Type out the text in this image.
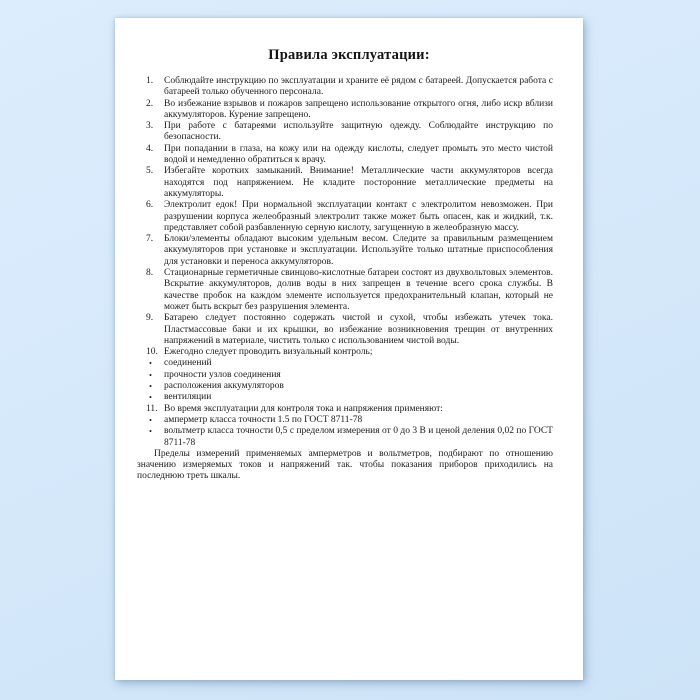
Правила эксплуатации:
1. Соблюдайте инструкцию по эксплуатации и храните её рядом с батареей. Допускается работа с батареей только обученного персонала.
2. Во избежание взрывов и пожаров запрещено использование открытого огня, либо искр вблизи аккумуляторов. Курение запрещено.
3. При работе с батареями используйте защитную одежду. Соблюдайте инструкцию по безопасности.
4. При попадании в глаза, на кожу или на одежду кислоты, следует промыть это место чистой водой и немедленно обратиться к врачу.
5. Избегайте коротких замыканий. Внимание! Металлические части аккумуляторов всегда находятся под напряжением. Не кладите посторонние металлические предметы на аккумуляторы.
6. Электролит едок! При нормальной эксплуатации контакт с электролитом невозможен. При разрушении корпуса желеобразный электролит также может быть опасен, как и жидкий, т.к. представляет собой разбавленную серную кислоту, загущенную в желеобразную массу.
7. Блоки/элементы обладают высоким удельным весом. Следите за правильным размещением аккумуляторов при установке и эксплуатации. Используйте только штатные приспособления для установки и переноса аккумуляторов.
8. Стационарные герметичные свинцово-кислотные батареи состоят из двухвольтовых элементов. Вскрытие аккумуляторов, долив воды в них запрещен в течение всего срока службы. В качестве пробок на каждом элементе используется предохранительный клапан, который не может быть вскрыт без разрушения элемента.
9. Батарею следует постоянно содержать чистой и сухой, чтобы избежать утечек тока. Пластмассовые баки и их крышки, во избежание возникновения трещин от внутренних напряжений в материале, чистить только с использованием чистой воды.
10. Ежегодно следует проводить визуальный контроль;
• соединений
• прочности узлов соединения
• расположения аккумуляторов
• вентиляции
11. Во время эксплуатации для контроля тока и напряжения применяют:
• амперметр класса точности 1.5 по ГОСТ 8711-78
• вольтметр класса точности 0,5 с пределом измерения от 0 до 3 В и ценой деления 0,02 по ГОСТ 8711-78

Пределы измерений применяемых амперметров и вольтметров, подбирают по отношению значению измеряемых токов и напряжений так. чтобы показания приборов приходились на последнюю треть шкалы.
